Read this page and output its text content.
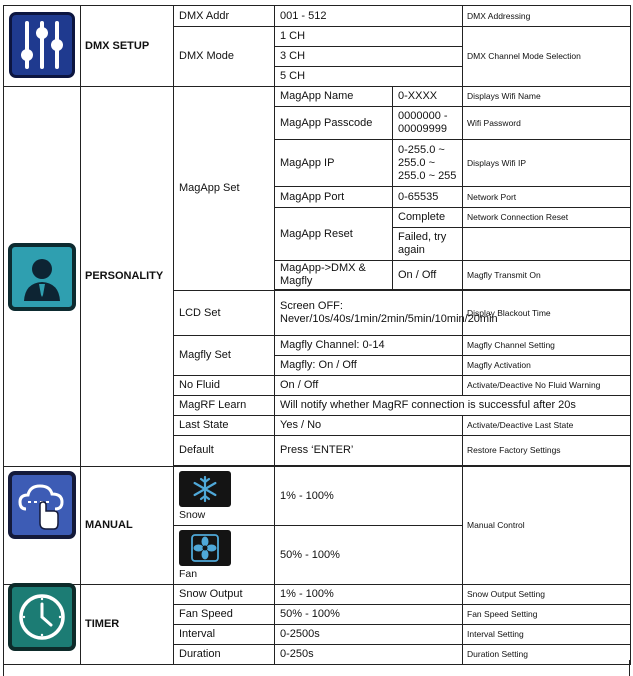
	DMX SETUP	DMX Addr	001 - 512		DMX Addressing
		DMX Mode	1 CH		DMX Channel Mode Selection
			3 CH		
			5 CH		
	PERSONALITY	MagApp Set	MagApp Name	0-XXXX	Displays Wifi Name
			MagApp Passcode	0000000 - 00009999	Wifi Password
			MagApp IP	0-255.0 ~ 255.0 ~ 255.0 ~ 255	Displays Wifi IP
			MagApp Port	0-65535	Network Port
			MagApp Reset	Complete	Network Connection Reset
				Failed, try again	
			MagApp->DMX & Magfly	On / Off	Magfly Transmit On

		LCD Set	Screen OFF: Never/10s/40s/1min/2min/5min/10min/20min		Display Blackout Time
		Magfly Set	Magfly Channel: 0-14		Magfly Channel Setting
			Magfly: On / Off		Magfly Activation
		No Fluid	On / Off		Activate/Deactive No Fluid Warning
		MagRF Learn	Will notify whether MagRF connection is successful after 20s		
		Last State	Yes / No		Activate/Deactive Last State
		Default	Press ‘ENTER’		Restore Factory Settings

	MANUAL	Snow	1% - 100%		Manual Control

		Fan	50% - 100%		
	TIMER	Snow Output	1% - 100%		Snow Output Setting
		Fan Speed	50% - 100%		Fan Speed Setting
		Interval	0-2500s		Interval Setting
		Duration	0-250s		Duration Setting
